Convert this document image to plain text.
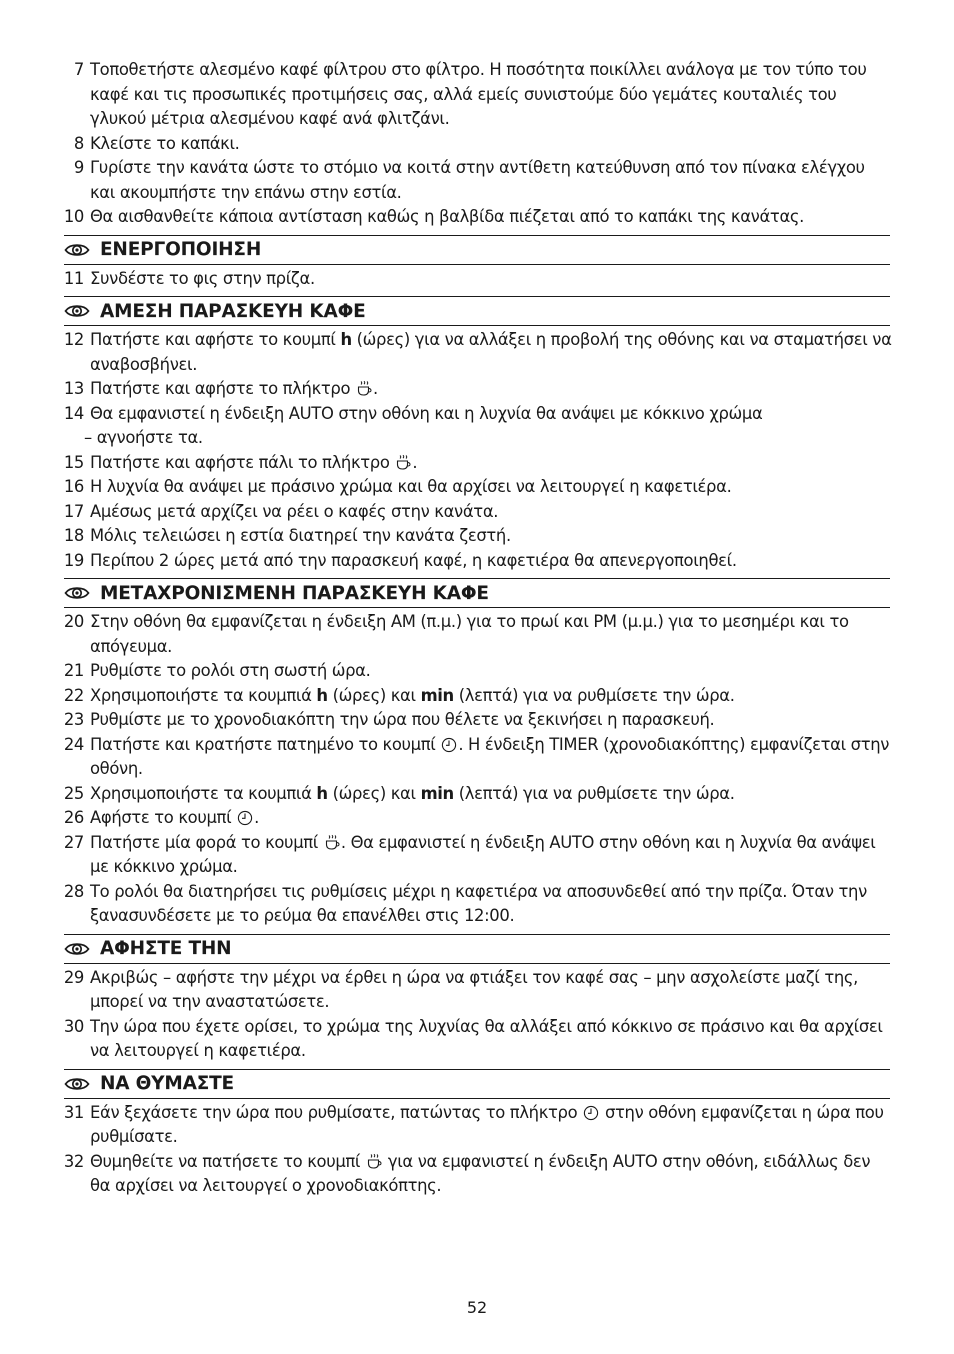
7 Τοποθετήστε αλεσμένο καφέ φίλτρου στο φίλτρο. Η ποσότητα ποικίλλει ανάλογα με τον τύπο του καφέ και τις προσωπικές προτιμήσεις σας, αλλά εμείς συνιστούμε δύο γεμάτες κουταλιές του γλυκού μέτρια αλεσμένου καφέ ανά φλιτζάνι.
8 Κλείστε το καπάκι.
9 Γυρίστε την κανάτα ώστε το στόμιο να κοιτά στην αντίθετη κατεύθυνση από τον πίνακα ελέγχου και ακουμπήστε την επάνω στην εστία.
10 Θα αισθανθείτε κάποια αντίσταση καθώς η βαλβίδα πιέζεται από το καπάκι της κανάτας.
ΕΝΕΡΓΟΠΟΙΗΣΗ
11 Συνδέστε το φις στην πρίζα.
ΑΜΕΣΗ ΠΑΡΑΣΚΕΥΗ ΚΑΦΕ
12 Πατήστε και αφήστε το κουμπί h (ώρες) για να αλλάξει η προβολή της οθόνης και να σταματήσει να αναβοσβήνει.
13 Πατήστε και αφήστε το πλήκτρο
.
14 Θα εμφανιστεί η ένδειξη AUTO στην οθόνη και η λυχνία θα ανάψει με κόκκινο χρώμα
– αγνοήστε τα.
15 Πατήστε και αφήστε πάλι το πλήκτρο
.
16 Η λυχνία θα ανάψει με πράσινο χρώμα και θα αρχίσει να λειτουργεί η καφετιέρα.
17 Αμέσως μετά αρχίζει να ρέει ο καφές στην κανάτα.
18 Μόλις τελειώσει η εστία διατηρεί την κανάτα ζεστή.
19 Περίπου 2 ώρες μετά από την παρασκευή καφέ, η καφετιέρα θα απενεργοποιηθεί.
ΜΕΤΑΧΡΟΝΙΣΜΕΝΗ ΠΑΡΑΣΚΕΥΗ ΚΑΦΕ
20 Στην οθόνη θα εμφανίζεται η ένδειξη AM (π.μ.) για το πρωί και PM (μ.μ.) για το μεσημέρι και το απόγευμα.
21 Ρυθμίστε το ρολόι στη σωστή ώρα.
22 Χρησιμοποιήστε τα κουμπιά h (ώρες) και min (λεπτά) για να ρυθμίσετε την ώρα.
23 Ρυθμίστε με το χρονοδιακόπτη την ώρα που θέλετε να ξεκινήσει η παρασκευή.
24 Πατήστε και κρατήστε πατημένο το κουμπί
. Η ένδειξη TIMER (χρονοδιακόπτης) εμφανίζεται στην οθόνη.
25 Χρησιμοποιήστε τα κουμπιά h (ώρες) και min (λεπτά) για να ρυθμίσετε την ώρα.
26 Αφήστε το κουμπί
.
27 Πατήστε μία φορά το κουμπί
. Θα εμφανιστεί η ένδειξη AUTO στην οθόνη και η λυχνία θα ανάψει με κόκκινο χρώμα.
28 Το ρολόι θα διατηρήσει τις ρυθμίσεις μέχρι η καφετιέρα να αποσυνδεθεί από την πρίζα. Όταν την ξανασυνδέσετε με το ρεύμα θα επανέλθει στις 12:00.
ΑΦΗΣΤΕ ΤΗΝ
29 Ακριβώς – αφήστε την μέχρι να έρθει η ώρα να φτιάξει τον καφέ σας – μην ασχολείστε μαζί της, μπορεί να την αναστατώσετε.
30 Την ώρα που έχετε ορίσει, το χρώμα της λυχνίας θα αλλάξει από κόκκινο σε πράσινο και θα αρχίσει να λειτουργεί η καφετιέρα.
ΝΑ ΘΥΜΑΣΤΕ
31 Εάν ξεχάσετε την ώρα που ρυθμίσατε, πατώντας το πλήκτρο
στην οθόνη εμφανίζεται η ώρα που ρυθμίσατε.
32 Θυμηθείτε να πατήσετε το κουμπί
για να εμφανιστεί η ένδειξη AUTO στην οθόνη, ειδάλλως δεν θα αρχίσει να λειτουργεί ο χρονοδιακόπτης.
52
